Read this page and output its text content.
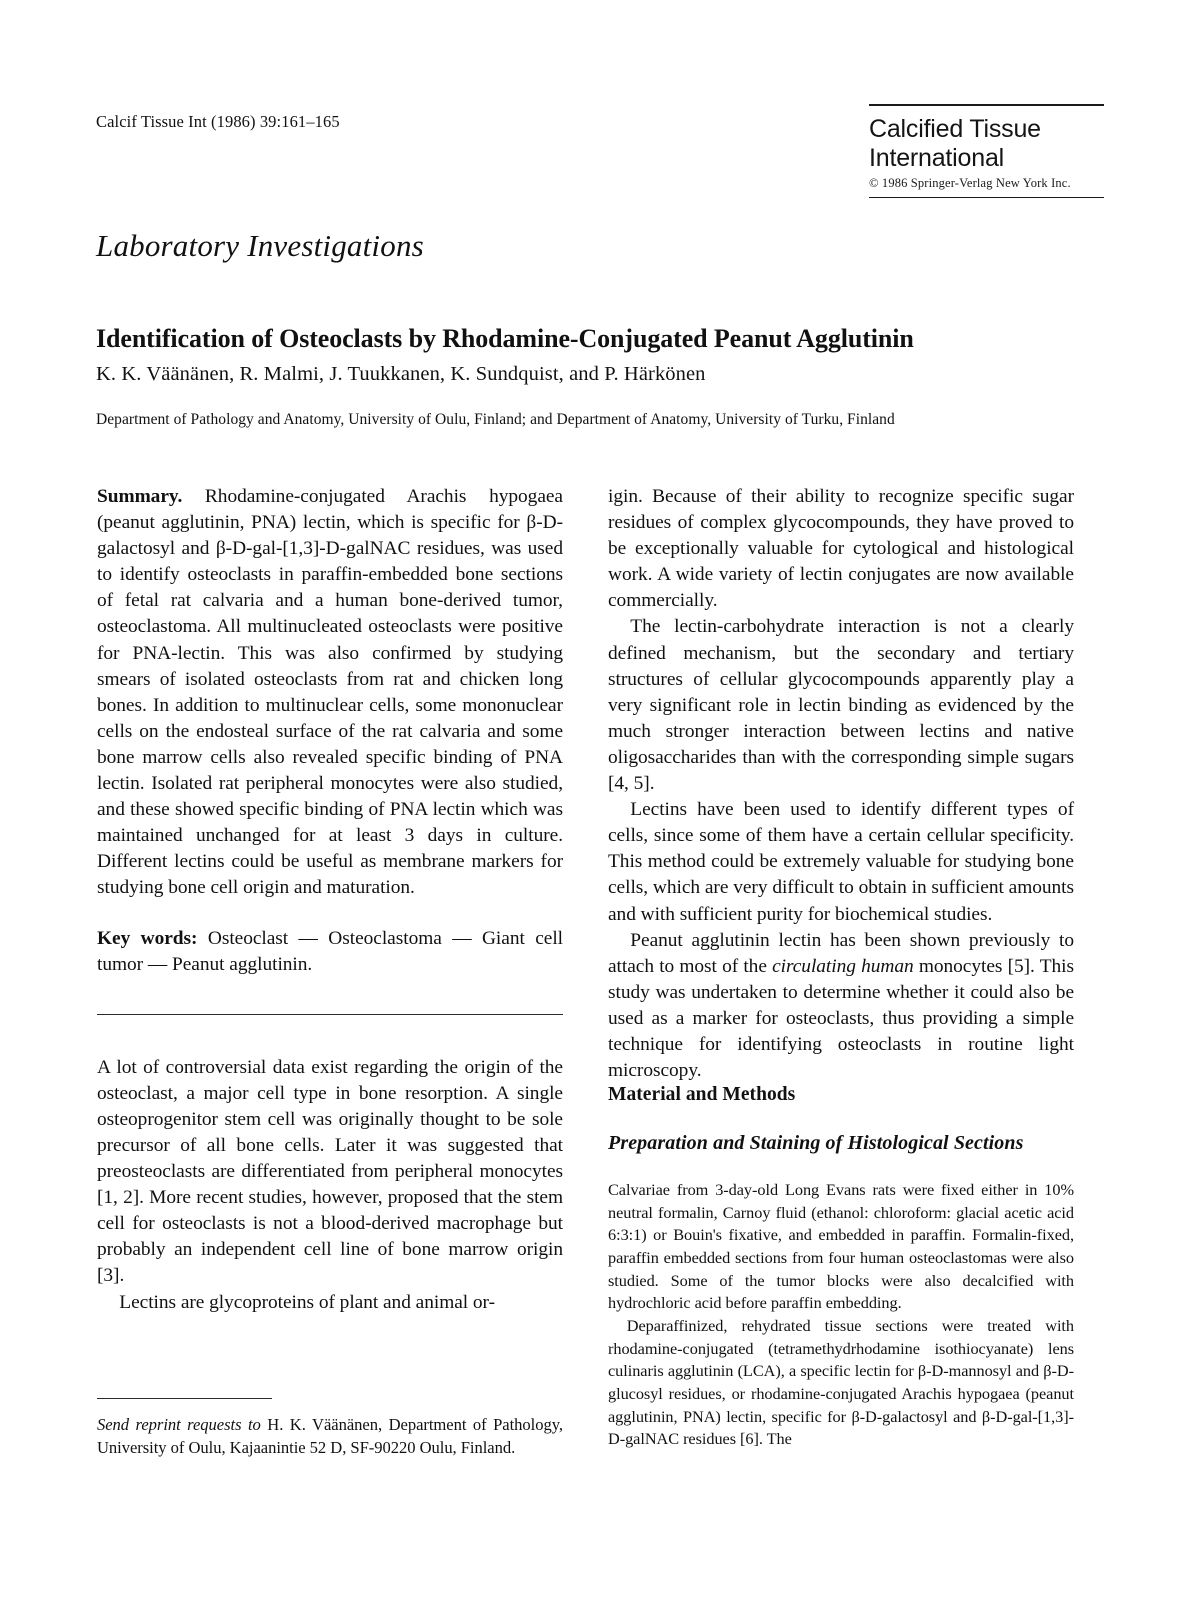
Calcif Tissue Int (1986) 39:161–165	Calcified Tissue
International
© 1986 Springer-Verlag New York Inc.
Laboratory Investigations
Identification of Osteoclasts by Rhodamine-Conjugated Peanut Agglutinin
K. K. Väänänen, R. Malmi, J. Tuukkanen, K. Sundquist, and P. Härkönen
Department of Pathology and Anatomy, University of Oulu, Finland; and Department of Anatomy, University of Turku, Finland

Summary. Rhodamine-conjugated Arachis hypogaea (peanut agglutinin, PNA) lectin, which is specific for β-D-galactosyl and β-D-gal-[1,3]-D-galNAC residues, was used to identify osteoclasts in paraffin-embedded bone sections of fetal rat calvaria and a human bone-derived tumor, osteoclastoma. All multinucleated osteoclasts were positive for PNA-lectin. This was also confirmed by studying smears of isolated osteoclasts from rat and chicken long bones. In addition to multinuclear cells, some mononuclear cells on the endosteal surface of the rat calvaria and some bone marrow cells also revealed specific binding of PNA lectin. Isolated rat peripheral monocytes were also studied, and these showed specific binding of PNA lectin which was maintained unchanged for at least 3 days in culture. Different lectins could be useful as membrane markers for studying bone cell origin and maturation.

Key words: Osteoclast — Osteoclastoma — Giant cell tumor — Peanut agglutinin.

A lot of controversial data exist regarding the origin of the osteoclast, a major cell type in bone resorption. A single osteoprogenitor stem cell was originally thought to be sole precursor of all bone cells. Later it was suggested that preosteoclasts are differentiated from peripheral monocytes [1, 2]. More recent studies, however, proposed that the stem cell for osteoclasts is not a blood-derived macrophage but probably an independent cell line of bone marrow origin [3].

Lectins are glycoproteins of plant and animal or-

igin. Because of their ability to recognize specific sugar residues of complex glycocompounds, they have proved to be exceptionally valuable for cytological and histological work. A wide variety of lectin conjugates are now available commercially.

The lectin-carbohydrate interaction is not a clearly defined mechanism, but the secondary and tertiary structures of cellular glycocompounds apparently play a very significant role in lectin binding as evidenced by the much stronger interaction between lectins and native oligosaccharides than with the corresponding simple sugars [4, 5].

Lectins have been used to identify different types of cells, since some of them have a certain cellular specificity. This method could be extremely valuable for studying bone cells, which are very difficult to obtain in sufficient amounts and with sufficient purity for biochemical studies.

Peanut agglutinin lectin has been shown previously to attach to most of the circulating human monocytes [5]. This study was undertaken to determine whether it could also be used as a marker for osteoclasts, thus providing a simple technique for identifying osteoclasts in routine light microscopy.

Material and Methods
Preparation and Staining of Histological Sections

Calvariae from 3-day-old Long Evans rats were fixed either in 10% neutral formalin, Carnoy fluid (ethanol: chloroform: glacial acetic acid 6:3:1) or Bouin's fixative, and embedded in paraffin. Formalin-fixed, paraffin embedded sections from four human osteoclastomas were also studied. Some of the tumor blocks were also decalcified with hydrochloric acid before paraffin embedding.

Deparaffinized, rehydrated tissue sections were treated with rhodamine-conjugated (tetramethydrhodamine isothiocyanate) lens culinaris agglutinin (LCA), a specific lectin for β-D-mannosyl and β-D-glucosyl residues, or rhodamine-conjugated Arachis hypogaea (peanut agglutinin, PNA) lectin, specific for β-D-galactosyl and β-D-gal-[1,3]-D-galNAC residues [6]. The

Send reprint requests to H. K. Väänänen, Department of Pathology, University of Oulu, Kajaanintie 52 D, SF-90220 Oulu, Finland.
